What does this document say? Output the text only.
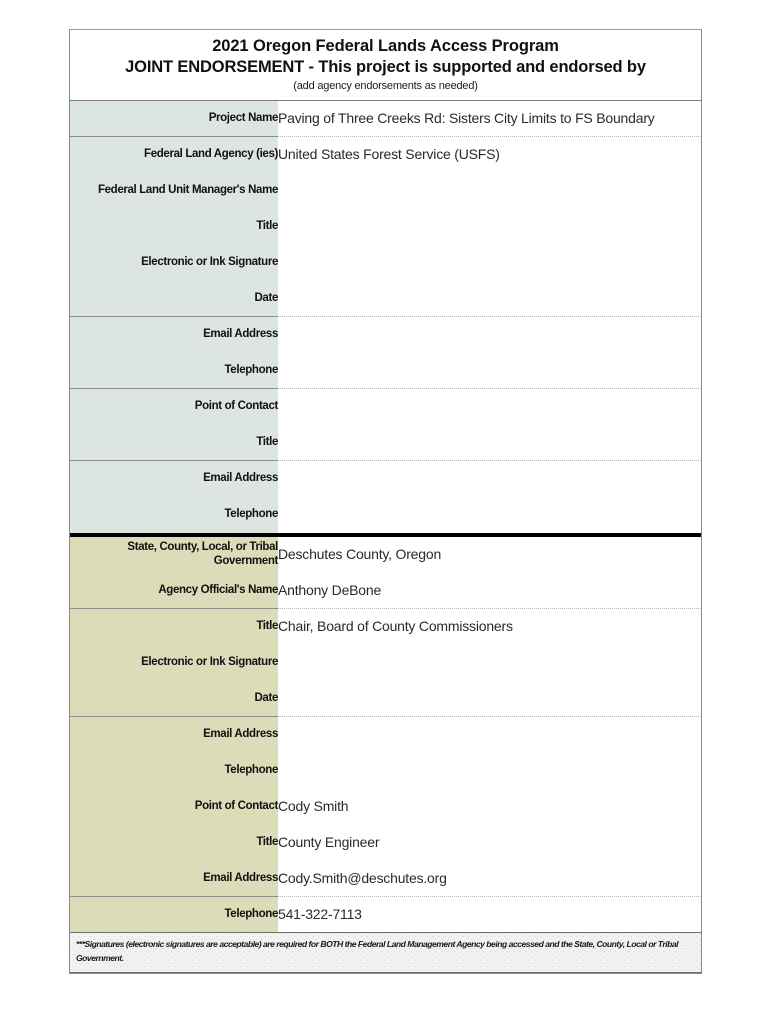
2021 Oregon Federal Lands Access Program
JOINT ENDORSEMENT - This project is supported and endorsed by
(add agency endorsements as needed)
Project Name	Paving of Three Creeks Rd: Sisters City Limits to FS Boundary
Federal Land Agency (ies)	United States Forest Service (USFS)
Federal Land Unit Manager's Name	
Title	
Electronic or Ink Signature	
Date	
Email Address	
Telephone	
Point of Contact	
Title	
Email Address	
Telephone	

State, County, Local, or Tribal Government	Deschutes County, Oregon
Agency Official's Name	Anthony DeBone
Title	Chair, Board of County Commissioners
Electronic or Ink Signature	
Date	
Email Address	
Telephone	
Point of Contact	Cody Smith
Title	County Engineer
Email Address	Cody.Smith@deschutes.org
Telephone	541-322-7113

***Signatures (electronic signatures are acceptable) are required for BOTH the Federal Land Management Agency being accessed and the State, County, Local or Tribal Government.	
